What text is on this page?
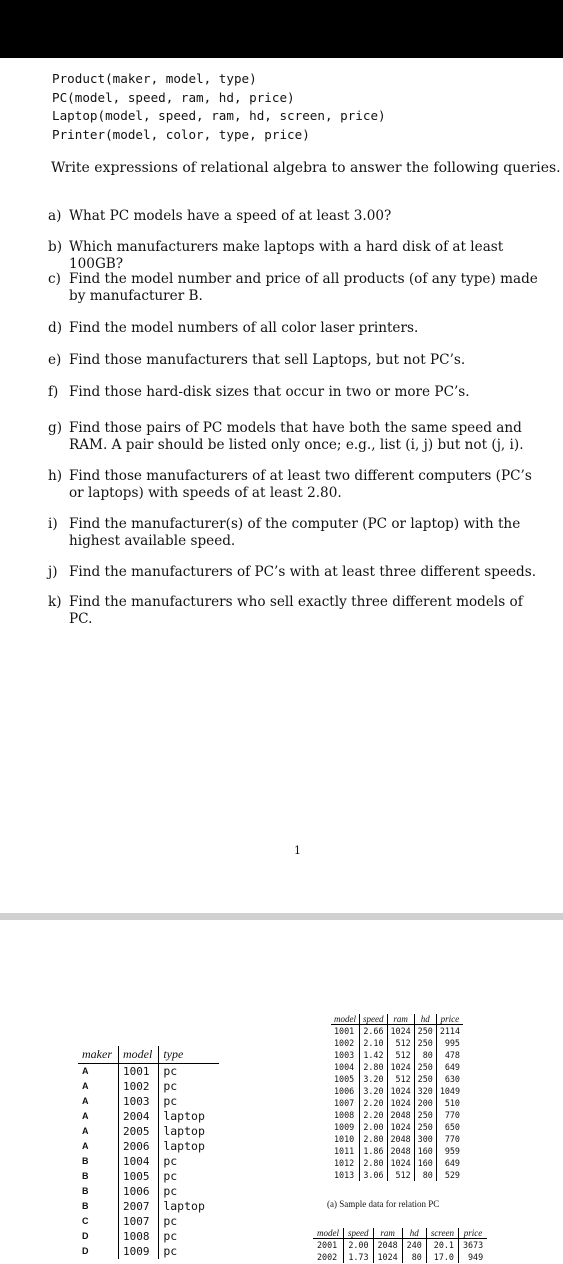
Product(maker, model, type)
PC(model, speed, ram, hd, price)
Laptop(model, speed, ram, hd, screen, price)
Printer(model, color, type, price)
Write expressions of relational algebra to answer the following queries.
a) What PC models have a speed of at least 3.00?
b) Which manufacturers make laptops with a hard disk of at least 100GB?
c) Find the model number and price of all products (of any type) made by manufacturer B.
d) Find the model numbers of all color laser printers.
e) Find those manufacturers that sell Laptops, but not PC’s.
f) Find those hard-disk sizes that occur in two or more PC’s.
g) Find those pairs of PC models that have both the same speed and RAM. A pair should be listed only once; e.g., list (i, j) but not (j, i).
h) Find those manufacturers of at least two different computers (PC’s or laptops) with speeds of at least 2.80.
i) Find the manufacturer(s) of the computer (PC or laptop) with the highest available speed.
j) Find the manufacturers of PC’s with at least three different speeds.
k) Find the manufacturers who sell exactly three different models of PC.
1
maker	model	type
A	1001	pc
A	1002	pc
A	1003	pc
A	2004	laptop
A	2005	laptop
A	2006	laptop
B	1004	pc
B	1005	pc
B	1006	pc
B	2007	laptop
C	1007	pc
D	1008	pc
D	1009	pc
model	speed	ram	hd	price
1001	2.66	1024	250	2114
1002	2.10	512	250	995
1003	1.42	512	80	478
1004	2.80	1024	250	649
1005	3.20	512	250	630
1006	3.20	1024	320	1049
1007	2.20	1024	200	510
1008	2.20	2048	250	770
1009	2.00	1024	250	650
1010	2.80	2048	300	770
1011	1.86	2048	160	959
1012	2.80	1024	160	649
1013	3.06	512	80	529
(a) Sample data for relation PC
model	speed	ram	hd	screen	price
2001	2.00	2048	240	20.1	3673
2002	1.73	1024	80	17.0	949
